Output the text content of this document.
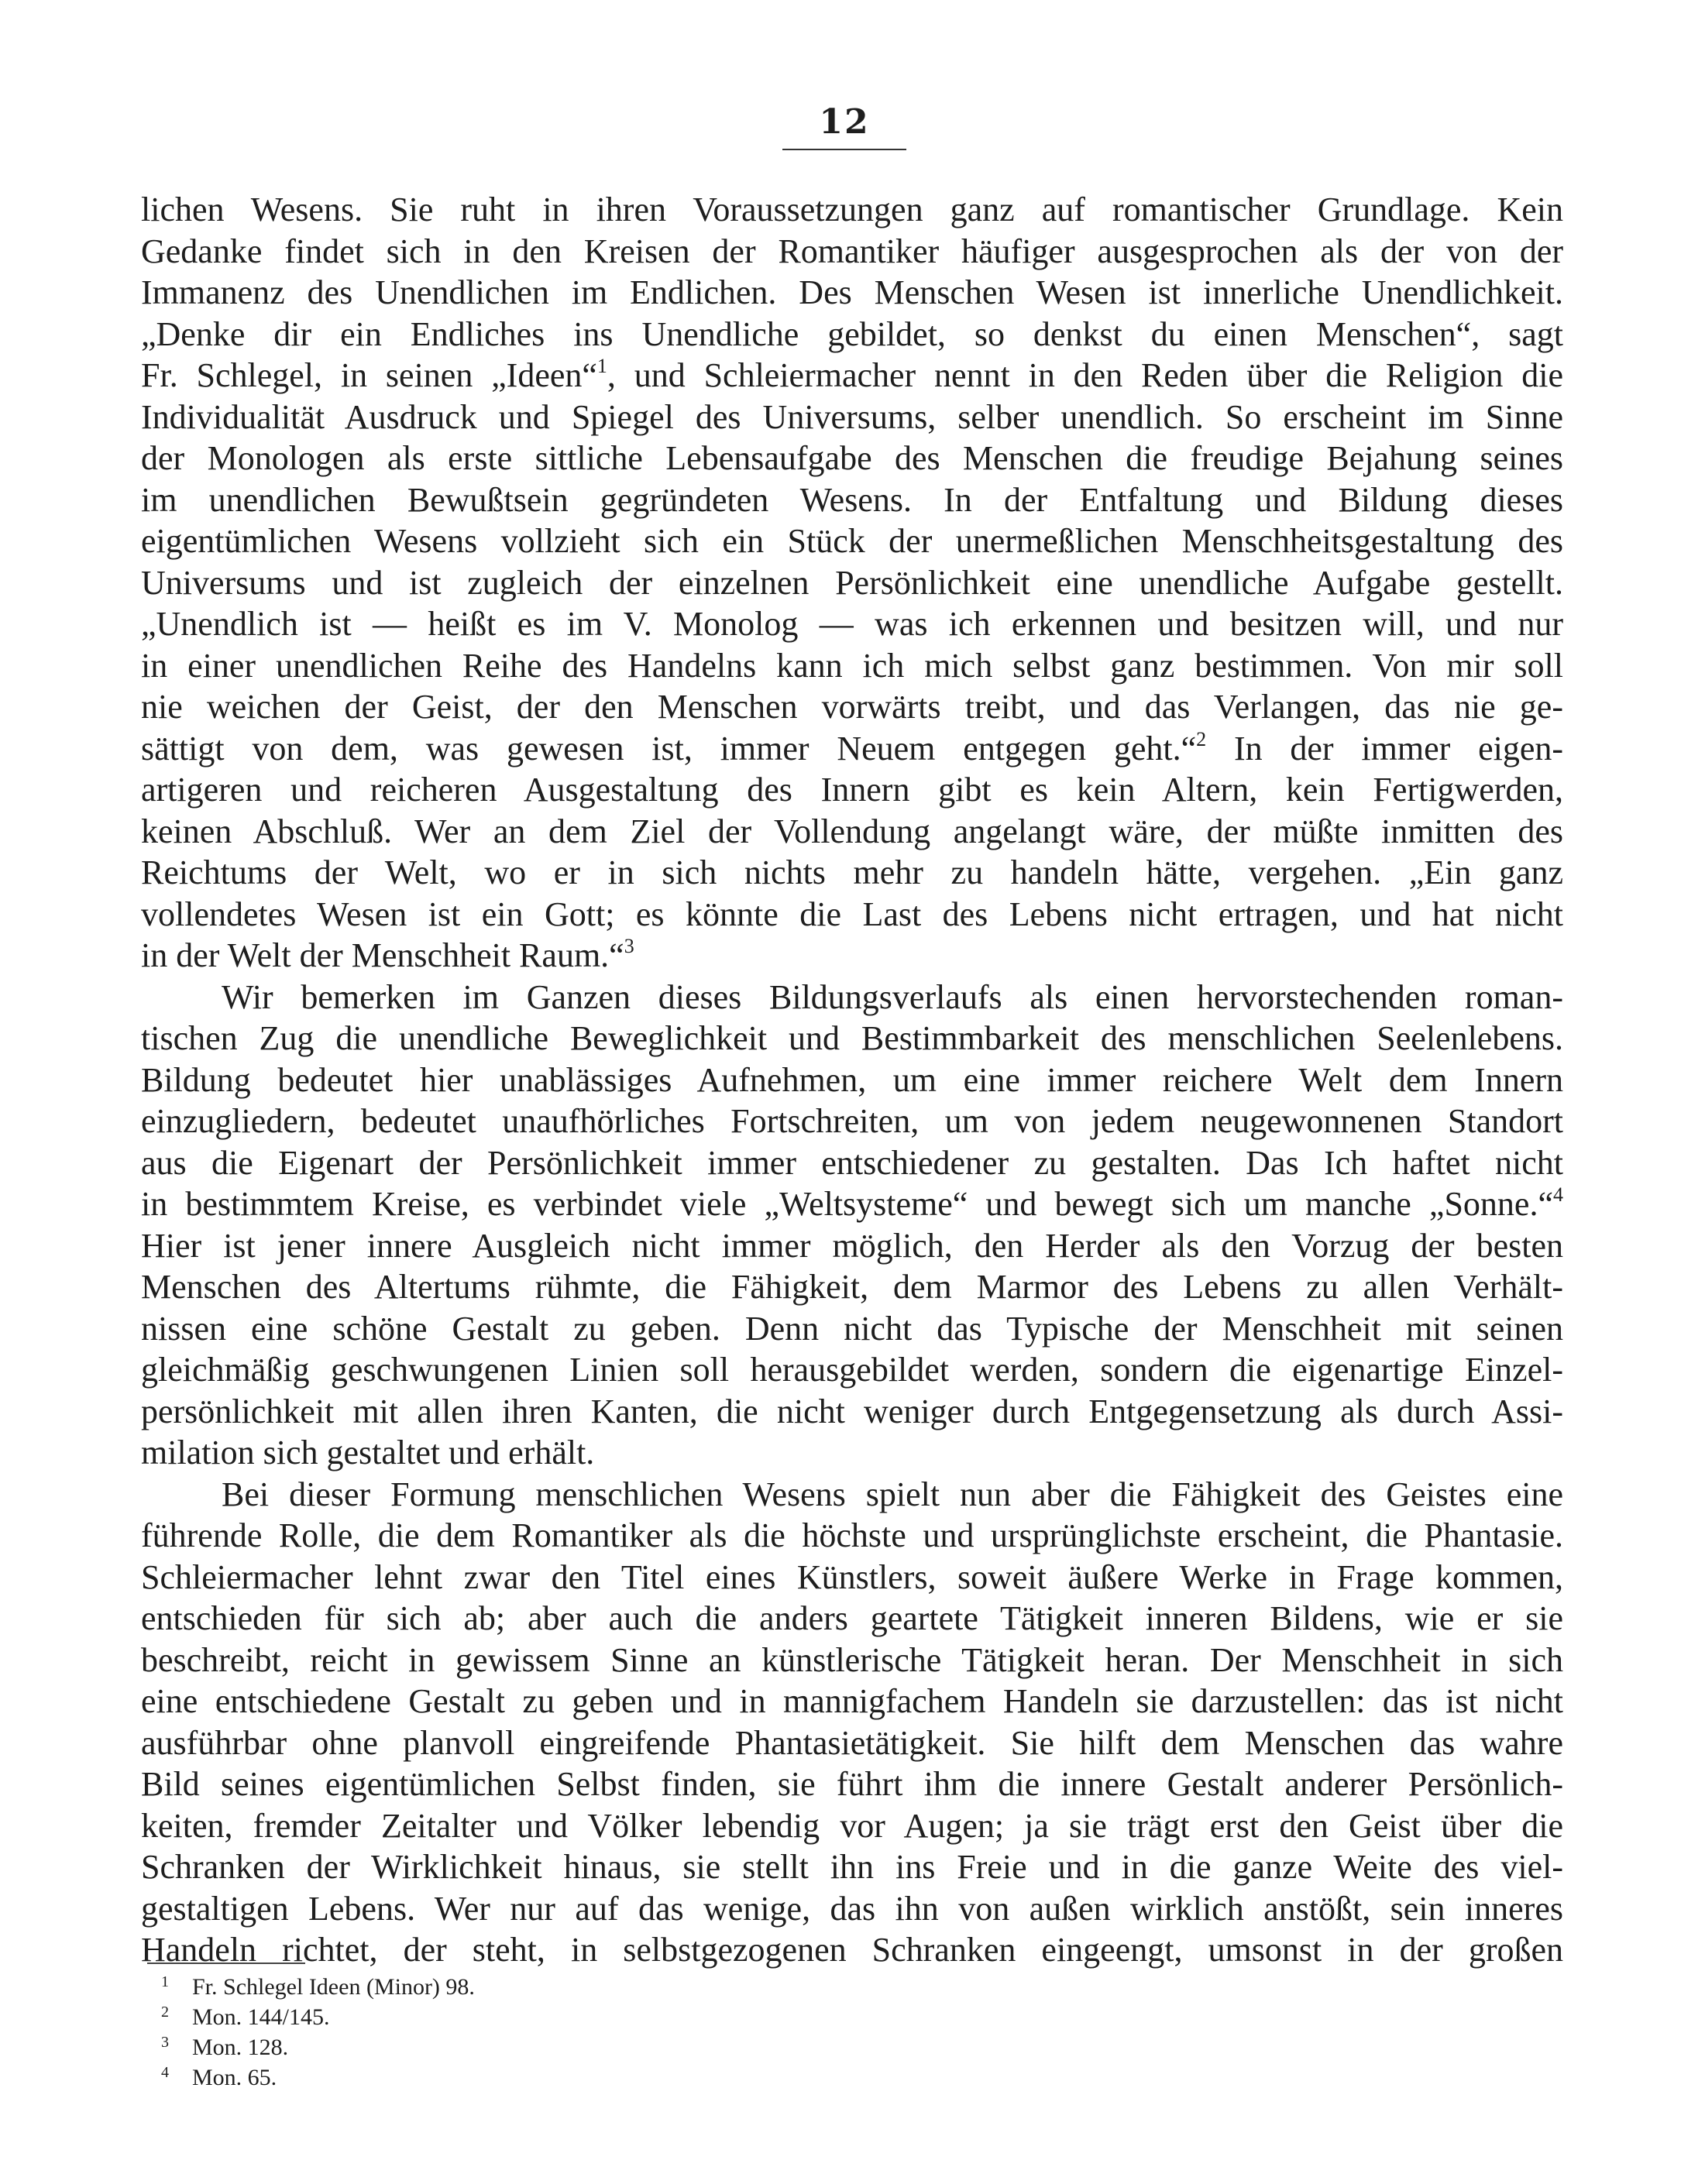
12
lichen Wesens. Sie ruht in ihren Voraussetzungen ganz auf romantischer Grundlage. Kein
Gedanke findet sich in den Kreisen der Romantiker häufiger ausgesprochen als der von der
Immanenz des Unendlichen im Endlichen. Des Menschen Wesen ist innerliche Unendlichkeit.
„Denke dir ein Endliches ins Unendliche gebildet, so denkst du einen Menschen“, sagt
Fr. Schlegel, in seinen „Ideen“$^1$, und Schleiermacher nennt in den Reden über die Religion die
Individualität Ausdruck und Spiegel des Universums, selber unendlich. So erscheint im Sinne
der Monologen als erste sittliche Lebensaufgabe des Menschen die freudige Bejahung seines
im unendlichen Bewußtsein gegründeten Wesens. In der Entfaltung und Bildung dieses
eigentümlichen Wesens vollzieht sich ein Stück der unermeßlichen Menschheitsgestaltung des
Universums und ist zugleich der einzelnen Persönlichkeit eine unendliche Aufgabe gestellt.
„Unendlich ist — heißt es im V. Monolog — was ich erkennen und besitzen will, und nur
in einer unendlichen Reihe des Handelns kann ich mich selbst ganz bestimmen. Von mir soll
nie weichen der Geist, der den Menschen vorwärts treibt, und das Verlangen, das nie ge-
sättigt von dem, was gewesen ist, immer Neuem entgegen geht.“$^2$ In der immer eigen-
artigeren und reicheren Ausgestaltung des Innern gibt es kein Altern, kein Fertigwerden,
keinen Abschluß. Wer an dem Ziel der Vollendung angelangt wäre, der müßte inmitten des
Reichtums der Welt, wo er in sich nichts mehr zu handeln hätte, vergehen. „Ein ganz
vollendetes Wesen ist ein Gott; es könnte die Last des Lebens nicht ertragen, und hat nicht
in der Welt der Menschheit Raum.“$^3$
Wir bemerken im Ganzen dieses Bildungsverlaufs als einen hervorstechenden roman-
tischen Zug die unendliche Beweglichkeit und Bestimmbarkeit des menschlichen Seelenlebens.
Bildung bedeutet hier unablässiges Aufnehmen, um eine immer reichere Welt dem Innern
einzugliedern, bedeutet unaufhörliches Fortschreiten, um von jedem neugewonnenen Standort
aus die Eigenart der Persönlichkeit immer entschiedener zu gestalten. Das Ich haftet nicht
in bestimmtem Kreise, es verbindet viele „Weltsysteme“ und bewegt sich um manche „Sonne.“$^4$
Hier ist jener innere Ausgleich nicht immer möglich, den Herder als den Vorzug der besten
Menschen des Altertums rühmte, die Fähigkeit, dem Marmor des Lebens zu allen Verhält-
nissen eine schöne Gestalt zu geben. Denn nicht das Typische der Menschheit mit seinen
gleichmäßig geschwungenen Linien soll herausgebildet werden, sondern die eigenartige Einzel-
persönlichkeit mit allen ihren Kanten, die nicht weniger durch Entgegensetzung als durch Assi-
milation sich gestaltet und erhält.
Bei dieser Formung menschlichen Wesens spielt nun aber die Fähigkeit des Geistes eine
führende Rolle, die dem Romantiker als die höchste und ursprünglichste erscheint, die Phantasie.
Schleiermacher lehnt zwar den Titel eines Künstlers, soweit äußere Werke in Frage kommen,
entschieden für sich ab; aber auch die anders geartete Tätigkeit inneren Bildens, wie er sie
beschreibt, reicht in gewissem Sinne an künstlerische Tätigkeit heran. Der Menschheit in sich
eine entschiedene Gestalt zu geben und in mannigfachem Handeln sie darzustellen: das ist nicht
ausführbar ohne planvoll eingreifende Phantasietätigkeit. Sie hilft dem Menschen das wahre
Bild seines eigentümlichen Selbst finden, sie führt ihm die innere Gestalt anderer Persönlich-
keiten, fremder Zeitalter und Völker lebendig vor Augen; ja sie trägt erst den Geist über die
Schranken der Wirklichkeit hinaus, sie stellt ihn ins Freie und in die ganze Weite des viel-
gestaltigen Lebens. Wer nur auf das wenige, das ihn von außen wirklich anstößt, sein inneres
Handeln richtet, der steht, in selbstgezogenen Schranken eingeengt, umsonst in der großen
1 Fr. Schlegel Ideen (Minor) 98.
2 Mon. 144/145.
3 Mon. 128.
4 Mon. 65.
